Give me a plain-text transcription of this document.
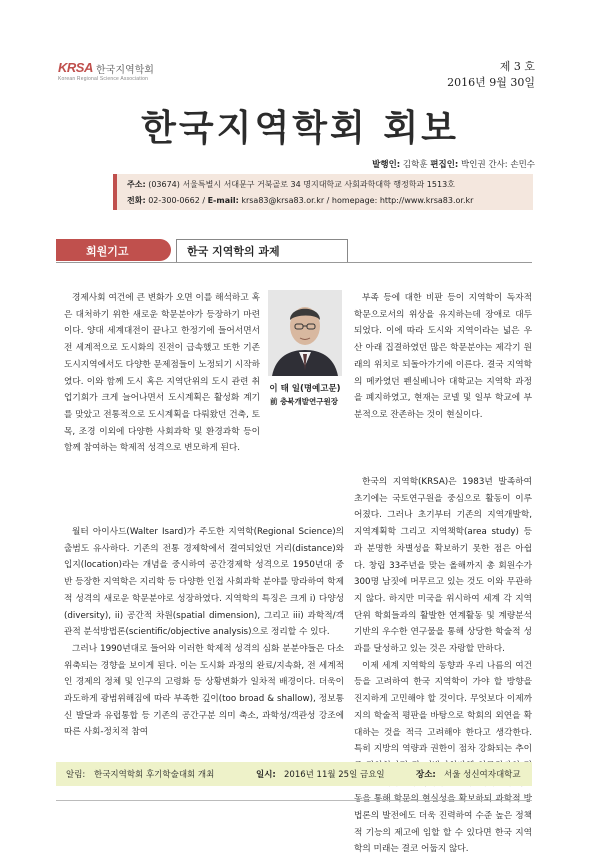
KRSA 한국지역학회
Korean Regional Science Association
제 3 호
2016년 9월 30일
한국지역학회 회보
발행인: 김학훈 편집인: 박인권 간사: 손민수
주소: (03674) 서울특별시 서대문구 거북골로 34 명지대학교 사회과학대학 행정학과 1513호
전화: 02-300-0662 / E-mail: krsa83@krsa83.or.kr / homepage: http://www.krsa83.or.kr
회원기고	한국 지역학의 과제
이 태 일(명예고문)
前 충북개발연구원장

경제사회 여건에 큰 변화가 오면 이를 해석하고 혹은 대처하기 위한 새로운 학문분야가 등장하기 마련이다. 양대 세계대전이 끝나고 한정기에 들어서면서 전 세계적으로 도시화의 진전이 급속했고 또한 기존 도시지역에서도 다양한 문제점들이 노정되기 시작하였다. 이와 함께 도시 혹은 지역단위의 도시 관련 취업기회가 크게 늘어나면서 도시계획은 활성화 계기를 맞았고 전통적으로 도시계획을 다뤄왔던 건축, 토목, 조경 이외에 다양한 사회과학 및 환경과학 등이 함께 참여하는 학제적 성격으로 변모하게 된다.

월터 아이사드(Walter Isard)가 주도한 지역학(Regional Science)의 출범도 유사하다. 기존의 전통 경제학에서 결여되었던 거리(distance)와 입지(location)라는 개념을 중시하여 공간경제학 성격으로 1950년대 중반 등장한 지역학은 지리학 등 다양한 인접 사회과학 분야를 망라하여 학제적 성격의 새로운 학문분야로 성장하였다. 지역학의 특징은 크게 i) 다양성(diversity), ii) 공간적 차원(spatial dimension), 그리고 iii) 과학적/객관적 분석방법론(scientific/objective analysis)으로 정리할 수 있다.

그러나 1990년대로 들어와 이러한 학제적 성격의 심화 분분야들은 다소 위축되는 경향을 보이게 된다. 이는 도시화 과정의 완료/지속화, 전 세계적인 경제의 정체 및 인구의 고령화 등 상황변화가 일차적 배경이다. 더욱이 과도하게 광범위해짐에 따라 부족한 깊이(too broad & shallow), 정보통신 발달과 유럽통합 등 기존의 공간구분 의미 축소, 과학성/객관성 강조에 따른 사회-정치적 참여

부족 등에 대한 비판 등이 지역학이 독자적 학문으로서의 위상을 유지하는데 장애로 대두되었다. 이에 따라 도시와 지역이라는 넓은 우산 아래 집결하였던 많은 학문분야는 제각기 원래의 위치로 되돌아가기에 이른다. 결국 지역학의 메카였던 펜실베니아 대학교는 지역학 과정을 폐지하였고, 현재는 코넬 및 일부 학교에 부분적으로 잔존하는 것이 현실이다.

한국의 지역학(KRSA)은 1983년 발족하여 초기에는 국토연구원을 중심으로 활동이 이루어졌다. 그러나 초기부터 기존의 지역개발학, 지역계획학 그리고 지역책학(area study) 등과 분명한 차별성을 확보하기 못한 점은 아쉽다. 창립 33주년을 맞는 올해까지 총 회원수가 300명 남짓에 머무르고 있는 것도 이와 무관하지 않다. 하지만 미국을 위시하여 세계 각 지역단위 학회들과의 활발한 연계활동 및 계량분석 기반의 우수한 연구물을 통해 상당한 학술적 성과를 달성하고 있는 것은 자랑할 만하다.

이제 세계 지역학의 동향과 우리 나름의 여건 등을 고려하여 한국 지역학이 가야 할 방향을 진지하게 고민해야 할 것이다. 무엇보다 이제까지의 학술적 평판을 바탕으로 학회의 외연을 확대하는 것을 적극 고려해야 한다고 생각한다. 특히 지방의 역량과 권한이 점차 강화되는 추이 법론의 발전에도 더욱 진력하여 수준 높은 정책적 기능의 제고에 임할 할 수 있다면 한국 지역학의 미래는 결코 어둡지 않다.

알림: 한국지역학회 후기학술대회 개최	일시: 2016년 11월 25일 금요일	장소: 서울 성신여자대학교
